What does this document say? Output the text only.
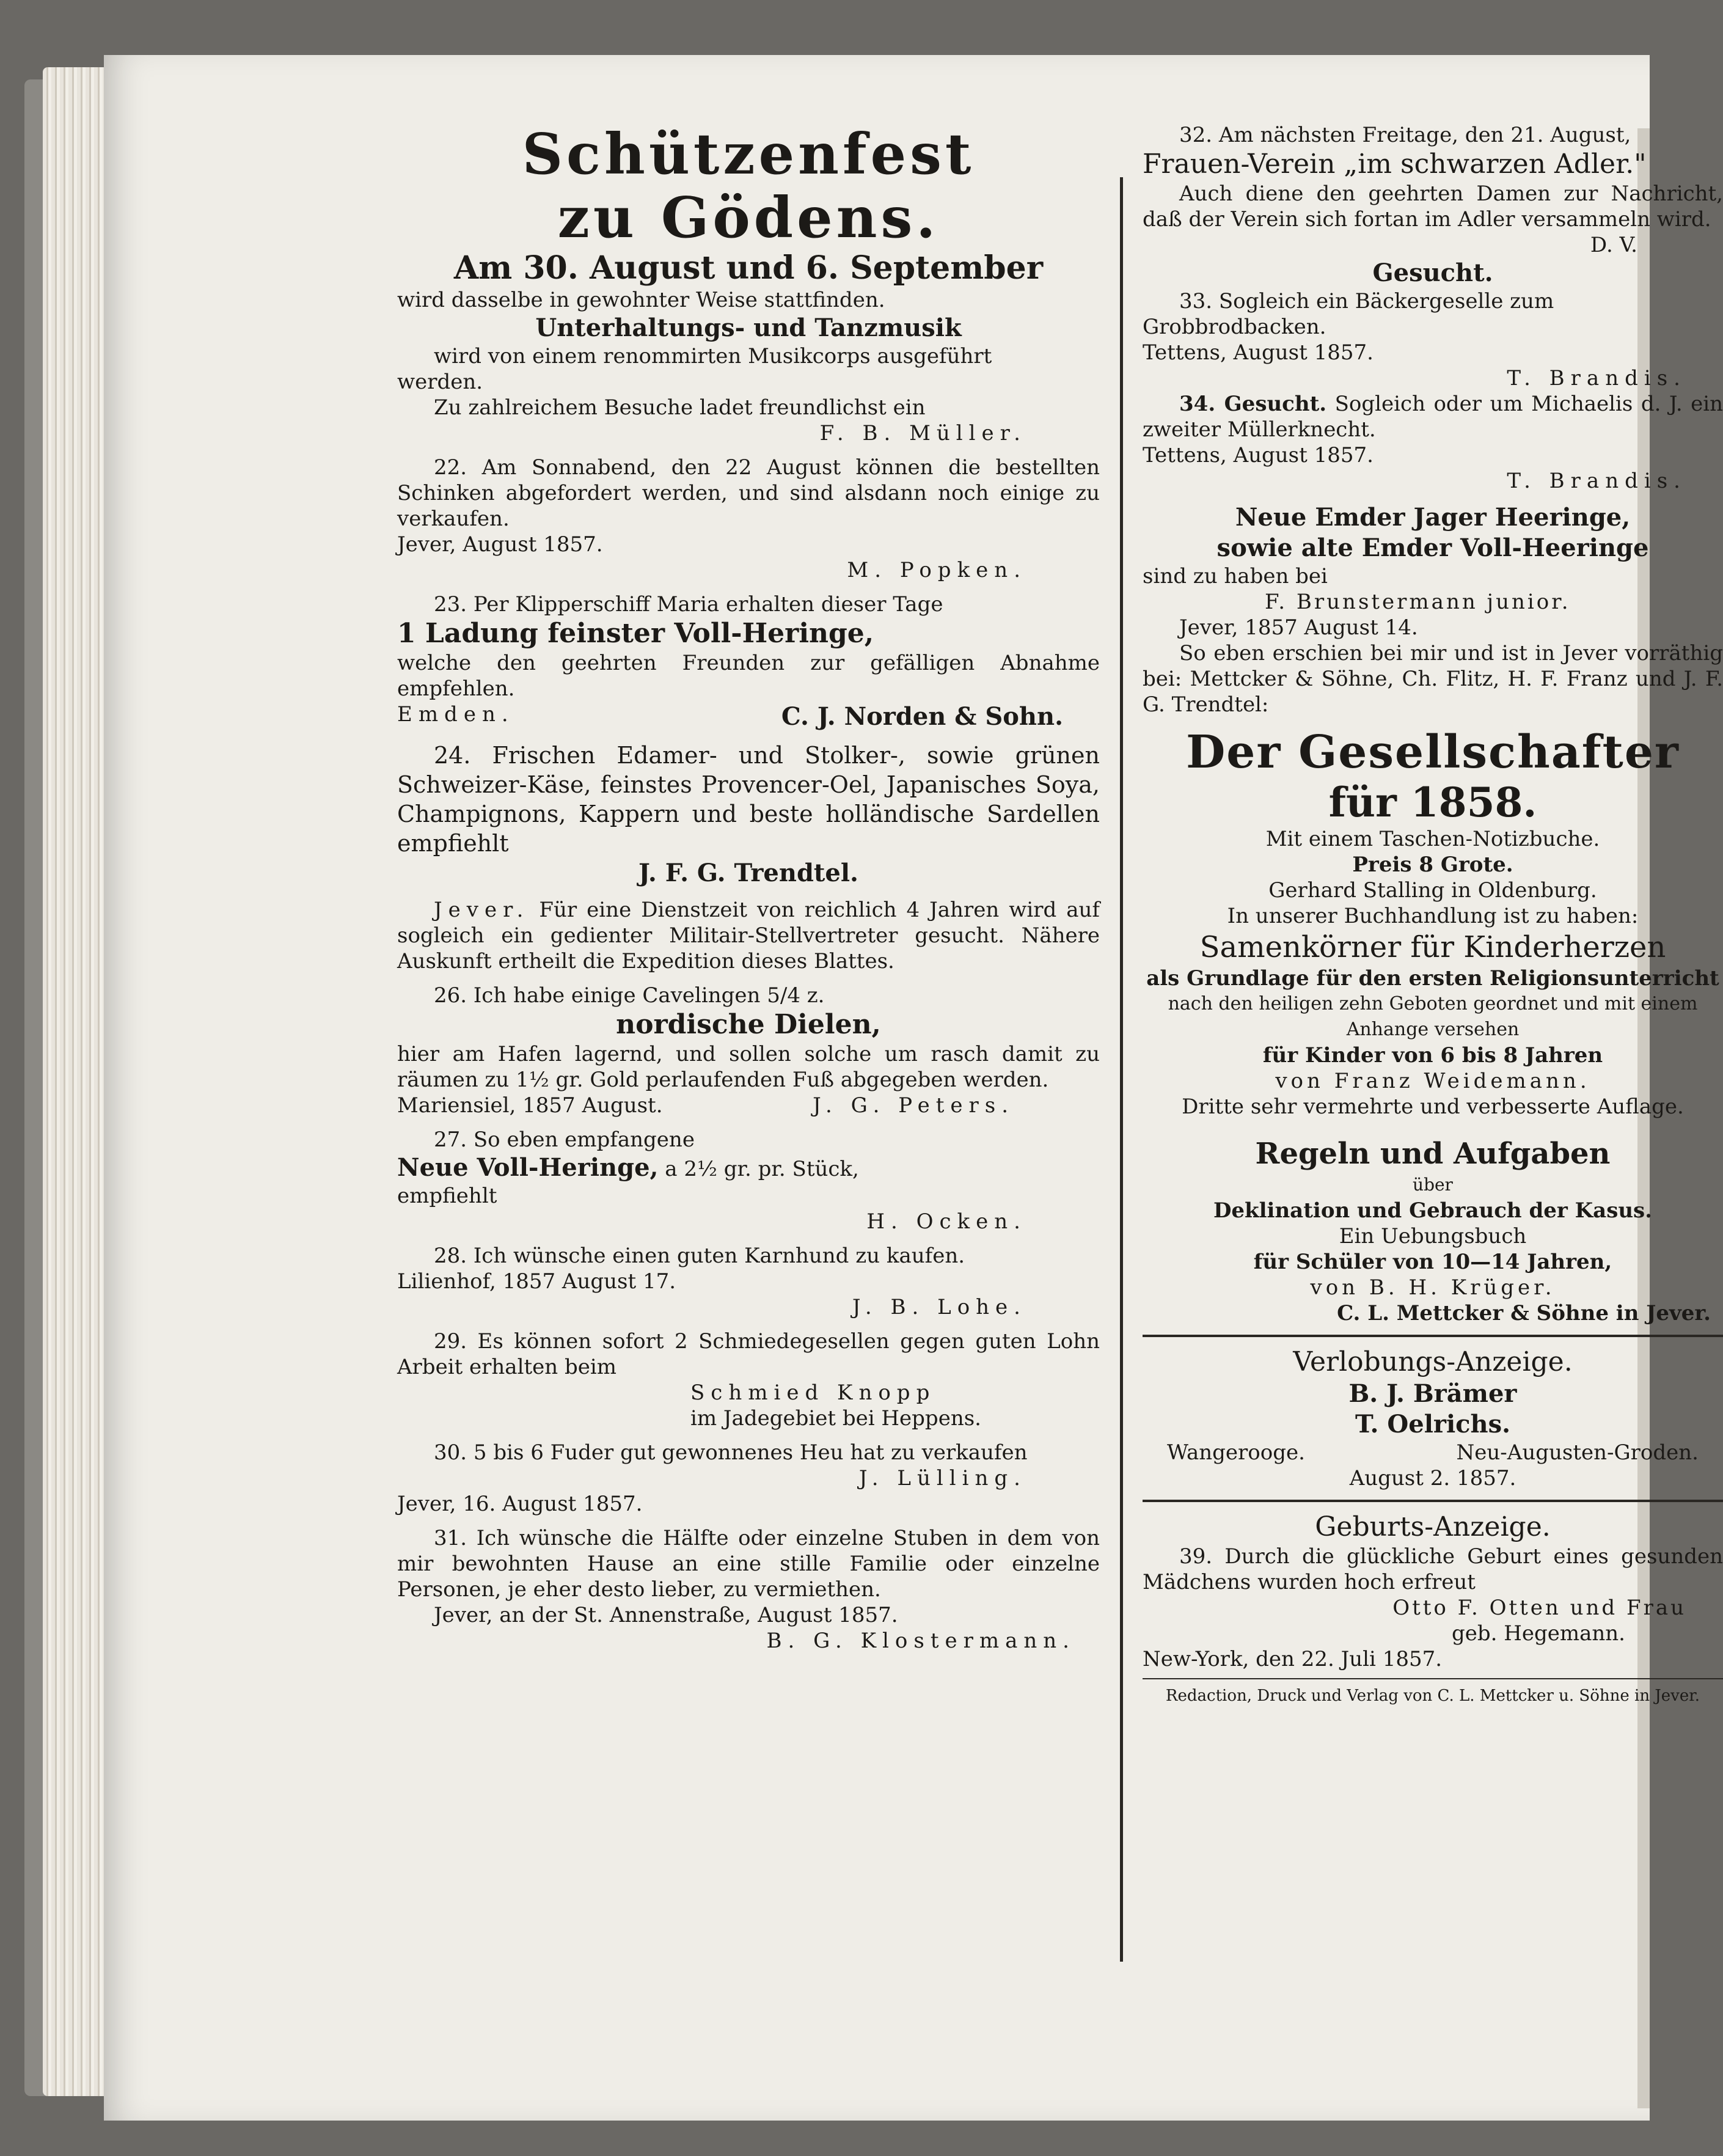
Schützenfest

zu Gödens.

Am 30. August und 6. September

wird dasselbe in gewohnter Weise stattfinden.

Unterhaltungs- und Tanzmusik

wird von einem renommirten Musikcorps ausgeführt

werden.

Zu zahlreichem Besuche ladet freundlichst ein

F. B. Müller.

22. Am Sonnabend, den 22 August können die bestellten Schinken abgefordert werden, und sind alsdann noch einige zu verkaufen.

Jever, August 1857.

M. Popken.

23. Per Klipperschiff Maria erhalten dieser Tage

1 Ladung feinster Voll-Heringe,

welche den geehrten Freunden zur gefälligen Abnahme empfehlen.

Emden.	C. J. Norden & Sohn.

24. Frischen Edamer- und Stolker-, sowie grünen Schweizer-Käse, feinstes Provencer-Oel, Japanisches Soya, Champignons, Kappern und beste holländische Sardellen empfiehlt

J. F. G. Trendtel.

Jever. Für eine Dienstzeit von reichlich 4 Jahren wird auf sogleich ein gedienter Militair-Stellvertreter gesucht. Nähere Auskunft ertheilt die Expedition dieses Blattes.

26. Ich habe einige Cavelingen 5/4 z.

nordische Dielen,

hier am Hafen lagernd, und sollen solche um rasch damit zu räumen zu 1½ gr. Gold perlaufenden Fuß abgegeben werden.

Mariensiel, 1857 August.	J. G. Peters.

27. So eben empfangene

Neue Voll-Heringe, a 2½ gr. pr. Stück,

empfiehlt

H. Ocken.

28. Ich wünsche einen guten Karnhund zu kaufen.

Lilienhof, 1857 August 17.

J. B. Lohe.

29. Es können sofort 2 Schmiedegesellen gegen guten Lohn Arbeit erhalten beim

Schmied Knopp

im Jadegebiet bei Heppens.

30. 5 bis 6 Fuder gut gewonnenes Heu hat zu verkaufen

J. Lülling.

Jever, 16. August 1857.

31. Ich wünsche die Hälfte oder einzelne Stuben in dem von mir bewohnten Hause an eine stille Familie oder einzelne Personen, je eher desto lieber, zu vermiethen.

Jever, an der St. Annenstraße, August 1857.

B. G. Klostermann.

32. Am nächsten Freitage, den 21. August,

Frauen-Verein „im schwarzen Adler."

Auch diene den geehrten Damen zur Nachricht, daß der Verein sich fortan im Adler versammeln wird.

D. V.

Gesucht.

33. Sogleich ein Bäckergeselle zum Grobbrodbacken.

Tettens, August 1857.

T. Brandis.

34. Gesucht. Sogleich oder um Michaelis d. J. ein zweiter Müllerknecht.

Tettens, August 1857.

T. Brandis.

Neue Emder Jager Heeringe,

sowie alte Emder Voll-Heeringe

sind zu haben bei

F. Brunstermann junior.

Jever, 1857 August 14.

So eben erschien bei mir und ist in Jever vorräthig bei: Mettcker & Söhne, Ch. Flitz, H. F. Franz und J. F. G. Trendtel:

Der Gesellschafter

für 1858.

Mit einem Taschen-Notizbuche.

Preis 8 Grote.

Gerhard Stalling in Oldenburg.

In unserer Buchhandlung ist zu haben:

Samenkörner für Kinderherzen

als Grundlage für den ersten Religionsunterricht

nach den heiligen zehn Geboten geordnet und mit einem

Anhange versehen

für Kinder von 6 bis 8 Jahren

von Franz Weidemann.

Dritte sehr vermehrte und verbesserte Auflage.

Regeln und Aufgaben

über

Deklination und Gebrauch der Kasus.

Ein Uebungsbuch

für Schüler von 10—14 Jahren,

von B. H. Krüger.

C. L. Mettcker & Söhne in Jever.

Verlobungs-Anzeige.

B. J. Brämer

T. Oelrichs.

Wangerooge.	Neu-Augusten-Groden.

August 2. 1857.

Geburts-Anzeige.

39. Durch die glückliche Geburt eines gesunden Mädchens wurden hoch erfreut

Otto F. Otten und Frau

geb. Hegemann.

New-York, den 22. Juli 1857.

Redaction, Druck und Verlag von C. L. Mettcker u. Söhne in Jever.
